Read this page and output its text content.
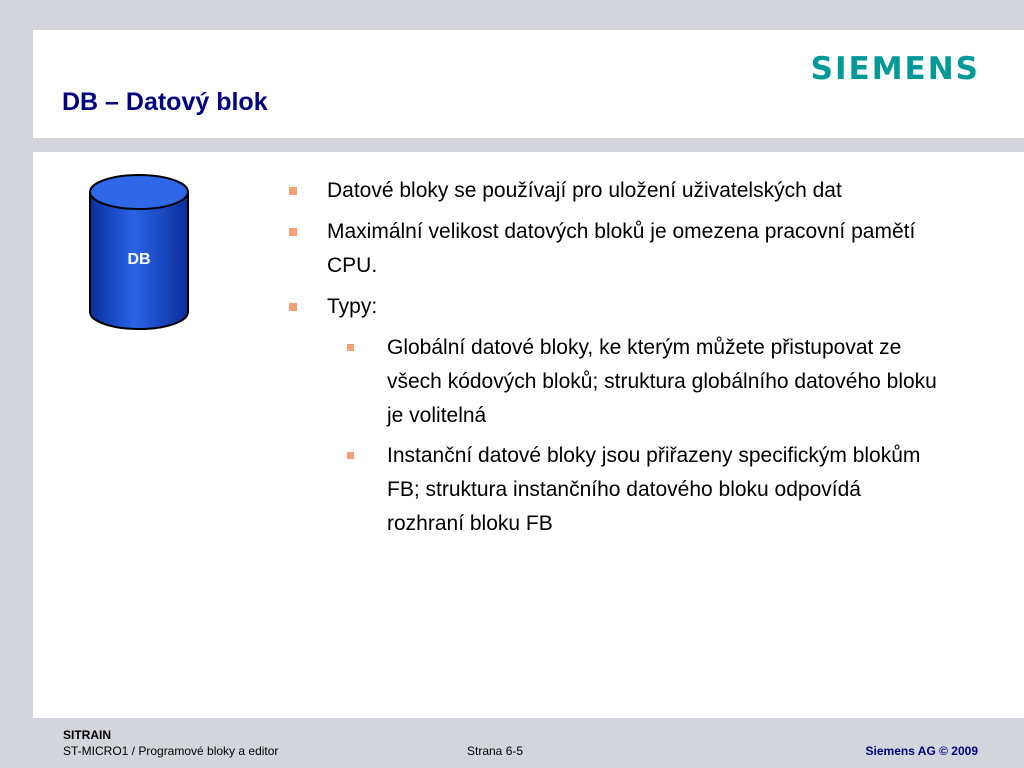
SIEMENS
DB – Datový blok
DB
Datové bloky se používají pro uložení uživatelských dat
Maximální velikost datových bloků je omezena pracovní pamětí CPU.
Typy:
Globální datové bloky, ke kterým můžete přistupovat ze všech kódových bloků; struktura globálního datového bloku je volitelná
Instanční datové bloky jsou přiřazeny specifickým blokům FB; struktura instančního datového bloku odpovídá rozhraní bloku FB
SITRAIN
ST-MICRO1 / Programové bloky a editor	Strana 6-5	Siemens AG © 2009
